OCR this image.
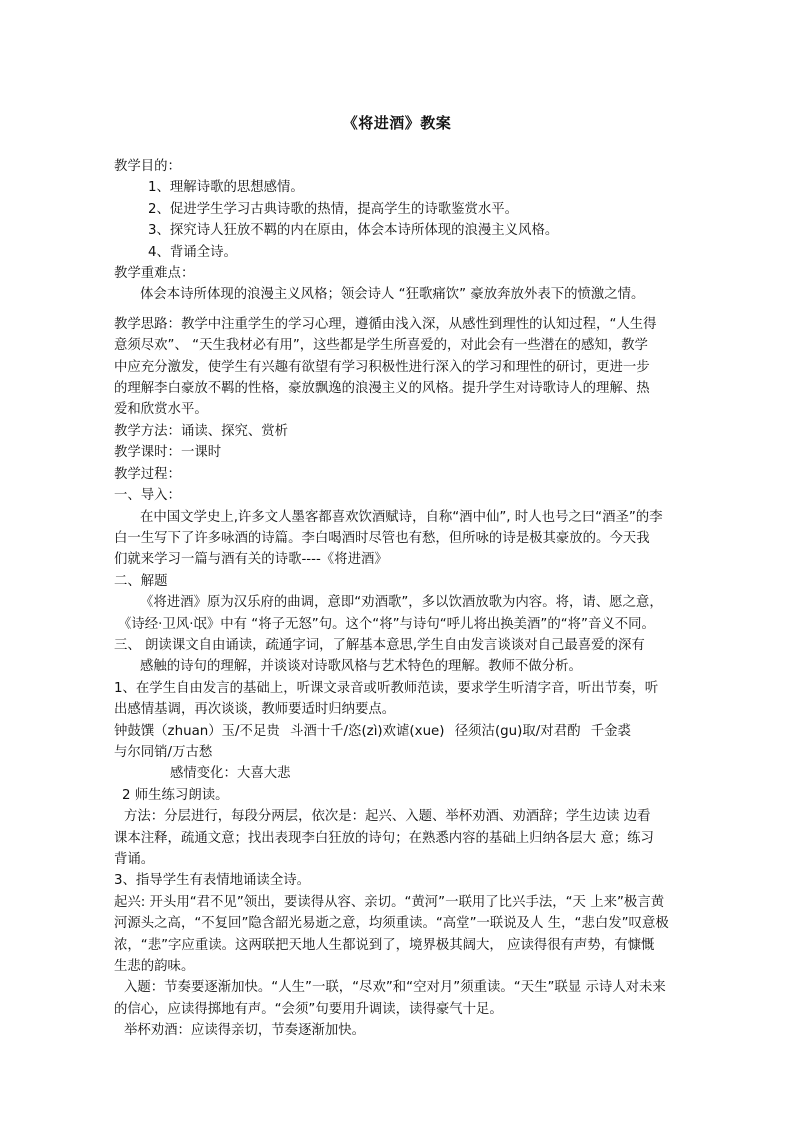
《将进酒》教案

教学目的：

1、理解诗歌的思想感情。

2、促进学生学习古典诗歌的热情，提高学生的诗歌鉴赏水平。

3、探究诗人狂放不羁的内在原由，体会本诗所体现的浪漫主义风格。

4、背诵全诗。

教学重难点：

体会本诗所体现的浪漫主义风格；领会诗人 “狂歌痛饮” 豪放奔放外表下的愤激之情。

教学思路：教学中注重学生的学习心理，遵循由浅入深，从感性到理性的认知过程，“人生得

意须尽欢”、 “天生我材必有用”，这些都是学生所喜爱的，对此会有一些潜在的感知，教学

中应充分激发，使学生有兴趣有欲望有学习积极性进行深入的学习和理性的研讨，更进一步

的理解李白豪放不羁的性格，豪放飘逸的浪漫主义的风格。提升学生对诗歌诗人的理解、热

爱和欣赏水平。

教学方法：诵读、探究、赏析

教学课时：一课时

教学过程：

一、导入：

在中国文学史上,许多文人墨客都喜欢饮酒赋诗，自称“酒中仙”, 时人也号之曰“酒圣”的李

白一生写下了许多咏酒的诗篇。李白喝酒时尽管也有愁，但所咏的诗是极其豪放的。今天我

们就来学习一篇与酒有关的诗歌----《将进酒》

二、解题

《将进酒》原为汉乐府的曲调，意即“劝酒歌”，多以饮酒放歌为内容。将，请、愿之意，

《诗经·卫风·氓》中有 “将子无怒”句。这个“将”与诗句“呼儿将出换美酒”的“将”音义不同。

三、 朗读课文自由诵读，疏通字词，了解基本意思,学生自由发言谈谈对自己最喜爱的深有

感触的诗句的理解，并谈谈对诗歌风格与艺术特色的理解。教师不做分析。

1、在学生自由发言的基础上，听课文录音或听教师范读，要求学生听清字音，听出节奏，听

出感情基调，再次谈谈，教师要适时归纳要点。

钟鼓馔（zhuan）玉/不足贵 斗酒十千/恣(zì)欢谑(xue) 径须沽(gu)取/对君酌 千金裘

与尔同销/万古愁

感情变化：大喜大悲

2 师生练习朗读。

方法：分层进行，每段分两层，依次是：起兴、入题、举杯劝酒、劝酒辞；学生边读 边看

课本注释，疏通文意；找出表现李白狂放的诗句；在熟悉内容的基础上归纳各层大 意；练习

背诵。

3、指导学生有表情地诵读全诗。

起兴: 开头用“君不见”领出，要读得从容、亲切。“黄河”一联用了比兴手法，“天 上来”极言黄

河源头之高，“不复回”隐含韶光易逝之意，均须重读。“高堂”一联说及人 生，“悲白发”叹意极

浓，“悲”字应重读。这两联把天地人生都说到了，境界极其阔大， 应读得很有声势，有慷慨

生悲的韵味。

入题：节奏要逐渐加快。“人生”一联，“尽欢”和“空对月”须重读。“天生”联显 示诗人对未来

的信心，应读得掷地有声。“会须”句要用升调读，读得豪气十足。

举杯劝酒：应读得亲切，节奏逐渐加快。
